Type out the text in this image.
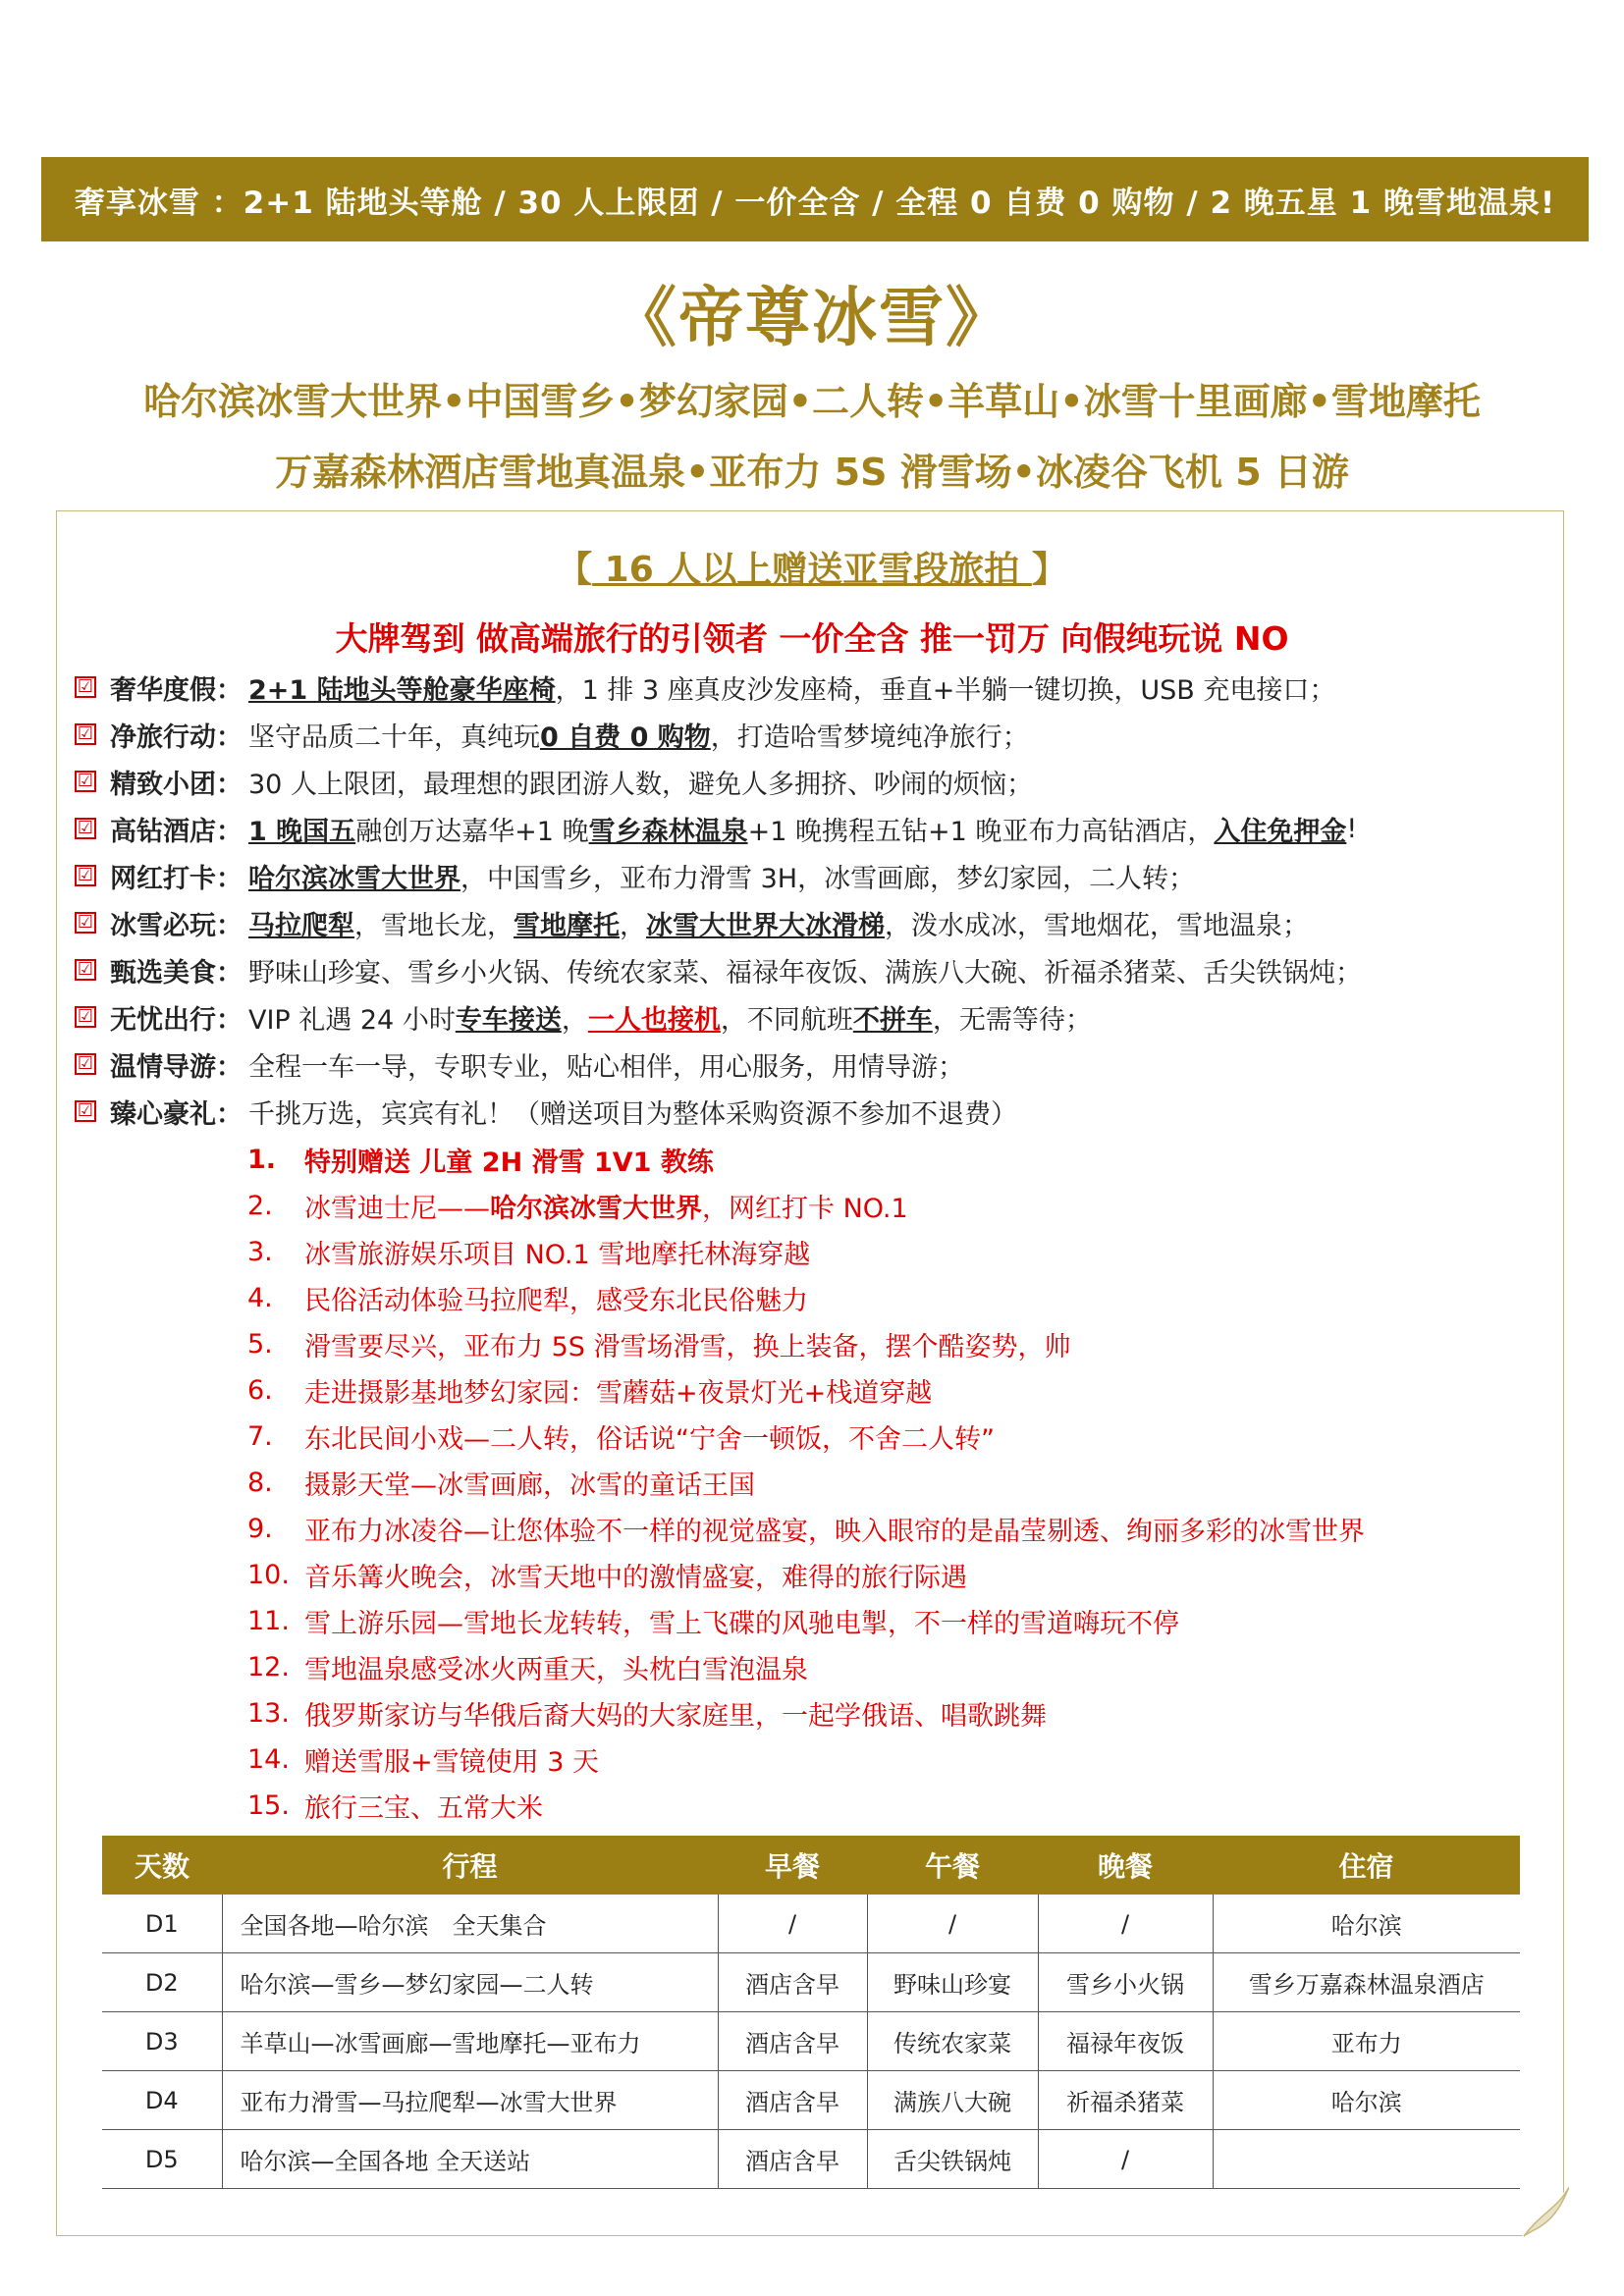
奢享冰雪 ：2+1 陆地头等舱 / 30 人上限团 / 一价全含 / 全程 0 自费 0 购物 / 2 晚五星 1 晚雪地温泉!
《帝尊冰雪》
哈尔滨冰雪大世界•中国雪乡•梦幻家园•二人转•羊草山•冰雪十里画廊•雪地摩托
万嘉森林酒店雪地真温泉•亚布力 5S 滑雪场•冰凌谷飞机 5 日游
【 16 人以上赠送亚雪段旅拍 】
大牌驾到 做高端旅行的引领者 一价全含 推一罚万 向假纯玩说 NO
☑ 奢华度假： 2+1 陆地头等舱豪华座椅 ，1 排 3 座真皮沙发座椅，垂直+半躺一键切换，USB 充电接口；
☑ 净旅行动： 坚守品质二十年，真纯玩 0 自费 0 购物 ，打造哈雪梦境纯净旅行；
☑ 精致小团： 30 人上限团，最理想的跟团游人数，避免人多拥挤、吵闹的烦恼；
☑ 高钻酒店： 1 晚国五 融创万达嘉华+1 晚 雪乡森林温泉 +1 晚携程五钻+1 晚亚布力高钻酒店， 入住免押金 !
☑ 网红打卡： 哈尔滨冰雪大世界 ，中国雪乡，亚布力滑雪 3H，冰雪画廊，梦幻家园，二人转；
☑ 冰雪必玩： 马拉爬犁 ，雪地长龙， 雪地摩托 ， 冰雪大世界大冰滑梯 ，泼水成冰，雪地烟花，雪地温泉；
☑ 甄选美食： 野味山珍宴、雪乡小火锅、传统农家菜、福禄年夜饭、满族八大碗、祈福杀猪菜、舌尖铁锅炖；
☑ 无忧出行： VIP 礼遇 24 小时 专车接送 ， 一人也接机 ，不同航班 不拼车 ，无需等待；
☑ 温情导游： 全程一车一导，专职专业，贴心相伴，用心服务，用情导游；
☑ 臻心豪礼： 千挑万选，宾宾有礼！（赠送项目为整体采购资源不参加不退费）
1.	特别赠送 儿童 2H 滑雪 1V1 教练
2.	冰雪迪士尼—— 哈尔滨冰雪大世界 ，网红打卡 NO.1
3.	冰雪旅游娱乐项目 NO.1 雪地摩托林海穿越
4.	民俗活动体验马拉爬犁，感受东北民俗魅力
5.	滑雪要尽兴，亚布力 5S 滑雪场滑雪，换上装备，摆个酷姿势，帅
6.	走进摄影基地梦幻家园：雪蘑菇+夜景灯光+栈道穿越
7.	东北民间小戏—二人转，俗话说“宁舍一顿饭，不舍二人转”
8.	摄影天堂—冰雪画廊，冰雪的童话王国
9.	亚布力冰凌谷—让您体验不一样的视觉盛宴，映入眼帘的是晶莹剔透、绚丽多彩的冰雪世界
10. 音乐篝火晚会，冰雪天地中的激情盛宴，难得的旅行际遇
11. 雪上游乐园—雪地长龙转转，雪上飞碟的风驰电掣，不一样的雪道嗨玩不停
12. 雪地温泉感受冰火两重天，头枕白雪泡温泉
13. 俄罗斯家访与华俄后裔大妈的大家庭里，一起学俄语、唱歌跳舞
14. 赠送雪服+雪镜使用 3 天
15. 旅行三宝、五常大米
天数	行程	早餐	午餐	晚餐	住宿
D1	全国各地—哈尔滨　全天集合	/	/	/	哈尔滨
D2	哈尔滨—雪乡—梦幻家园—二人转	酒店含早	野味山珍宴	雪乡小火锅	雪乡万嘉森林温泉酒店
D3	羊草山—冰雪画廊—雪地摩托—亚布力	酒店含早	传统农家菜	福禄年夜饭	亚布力
D4	亚布力滑雪—马拉爬犁—冰雪大世界	酒店含早	满族八大碗	祈福杀猪菜	哈尔滨
D5	哈尔滨—全国各地 全天送站	酒店含早	舌尖铁锅炖	/	
